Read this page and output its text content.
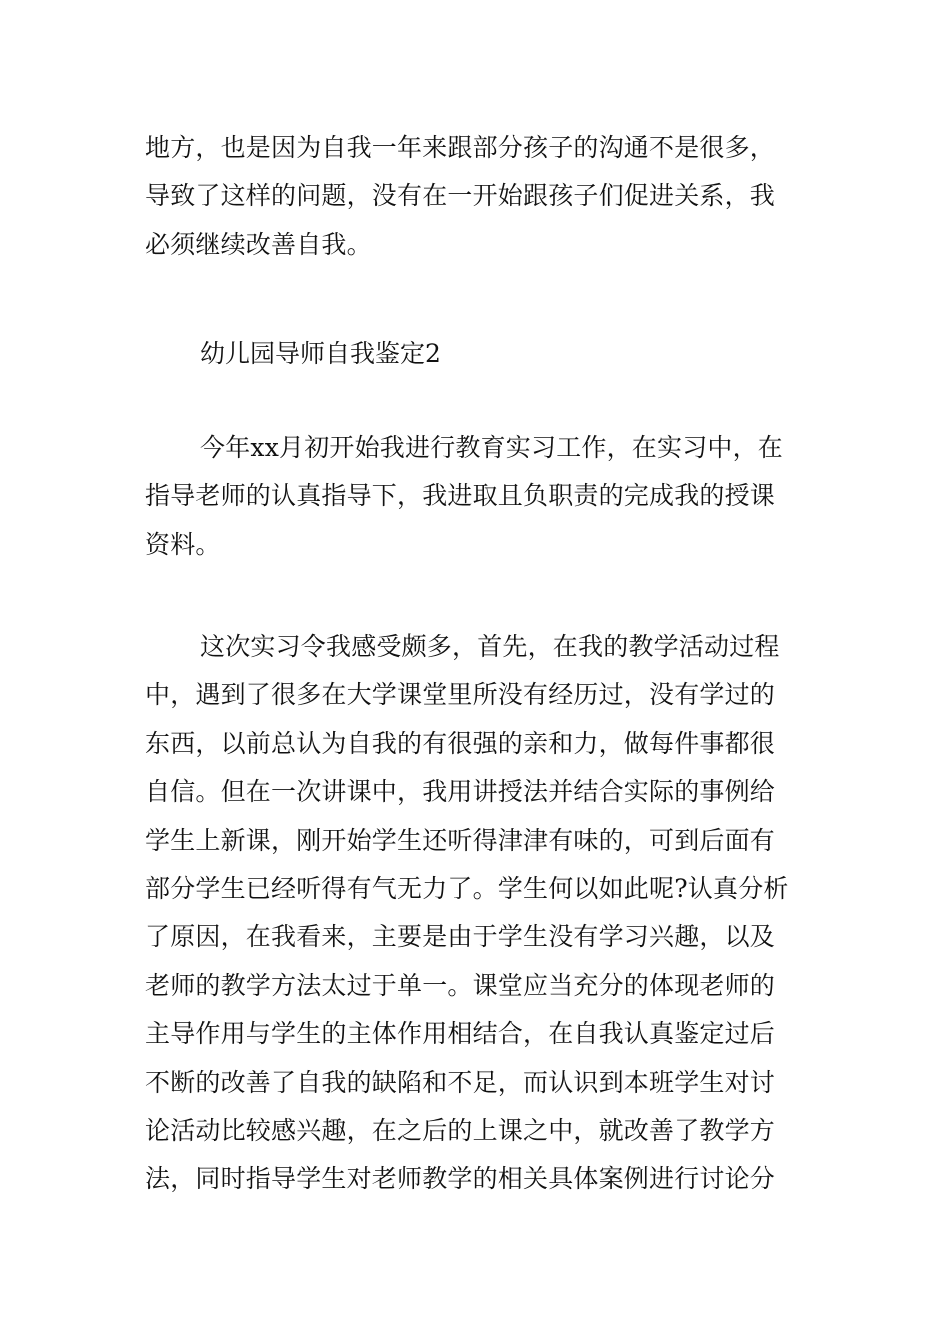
地方，也是因为自我一年来跟部分孩子的沟通不是很多，
导致了这样的问题，没有在一开始跟孩子们促进关系，我
必须继续改善自我。
幼儿园导师自我鉴定2
今年xx月初开始我进行教育实习工作，在实习中，在
指导老师的认真指导下，我进取且负职责的完成我的授课
资料。
这次实习令我感受颇多，首先，在我的教学活动过程
中，遇到了很多在大学课堂里所没有经历过，没有学过的
东西，以前总认为自我的有很强的亲和力，做每件事都很
自信。但在一次讲课中，我用讲授法并结合实际的事例给
学生上新课，刚开始学生还听得津津有味的，可到后面有
部分学生已经听得有气无力了。学生何以如此呢?认真分析
了原因，在我看来，主要是由于学生没有学习兴趣，以及
老师的教学方法太过于单一。课堂应当充分的体现老师的
主导作用与学生的主体作用相结合，在自我认真鉴定过后
不断的改善了自我的缺陷和不足，而认识到本班学生对讨
论活动比较感兴趣，在之后的上课之中，就改善了教学方
法，同时指导学生对老师教学的相关具体案例进行讨论分
